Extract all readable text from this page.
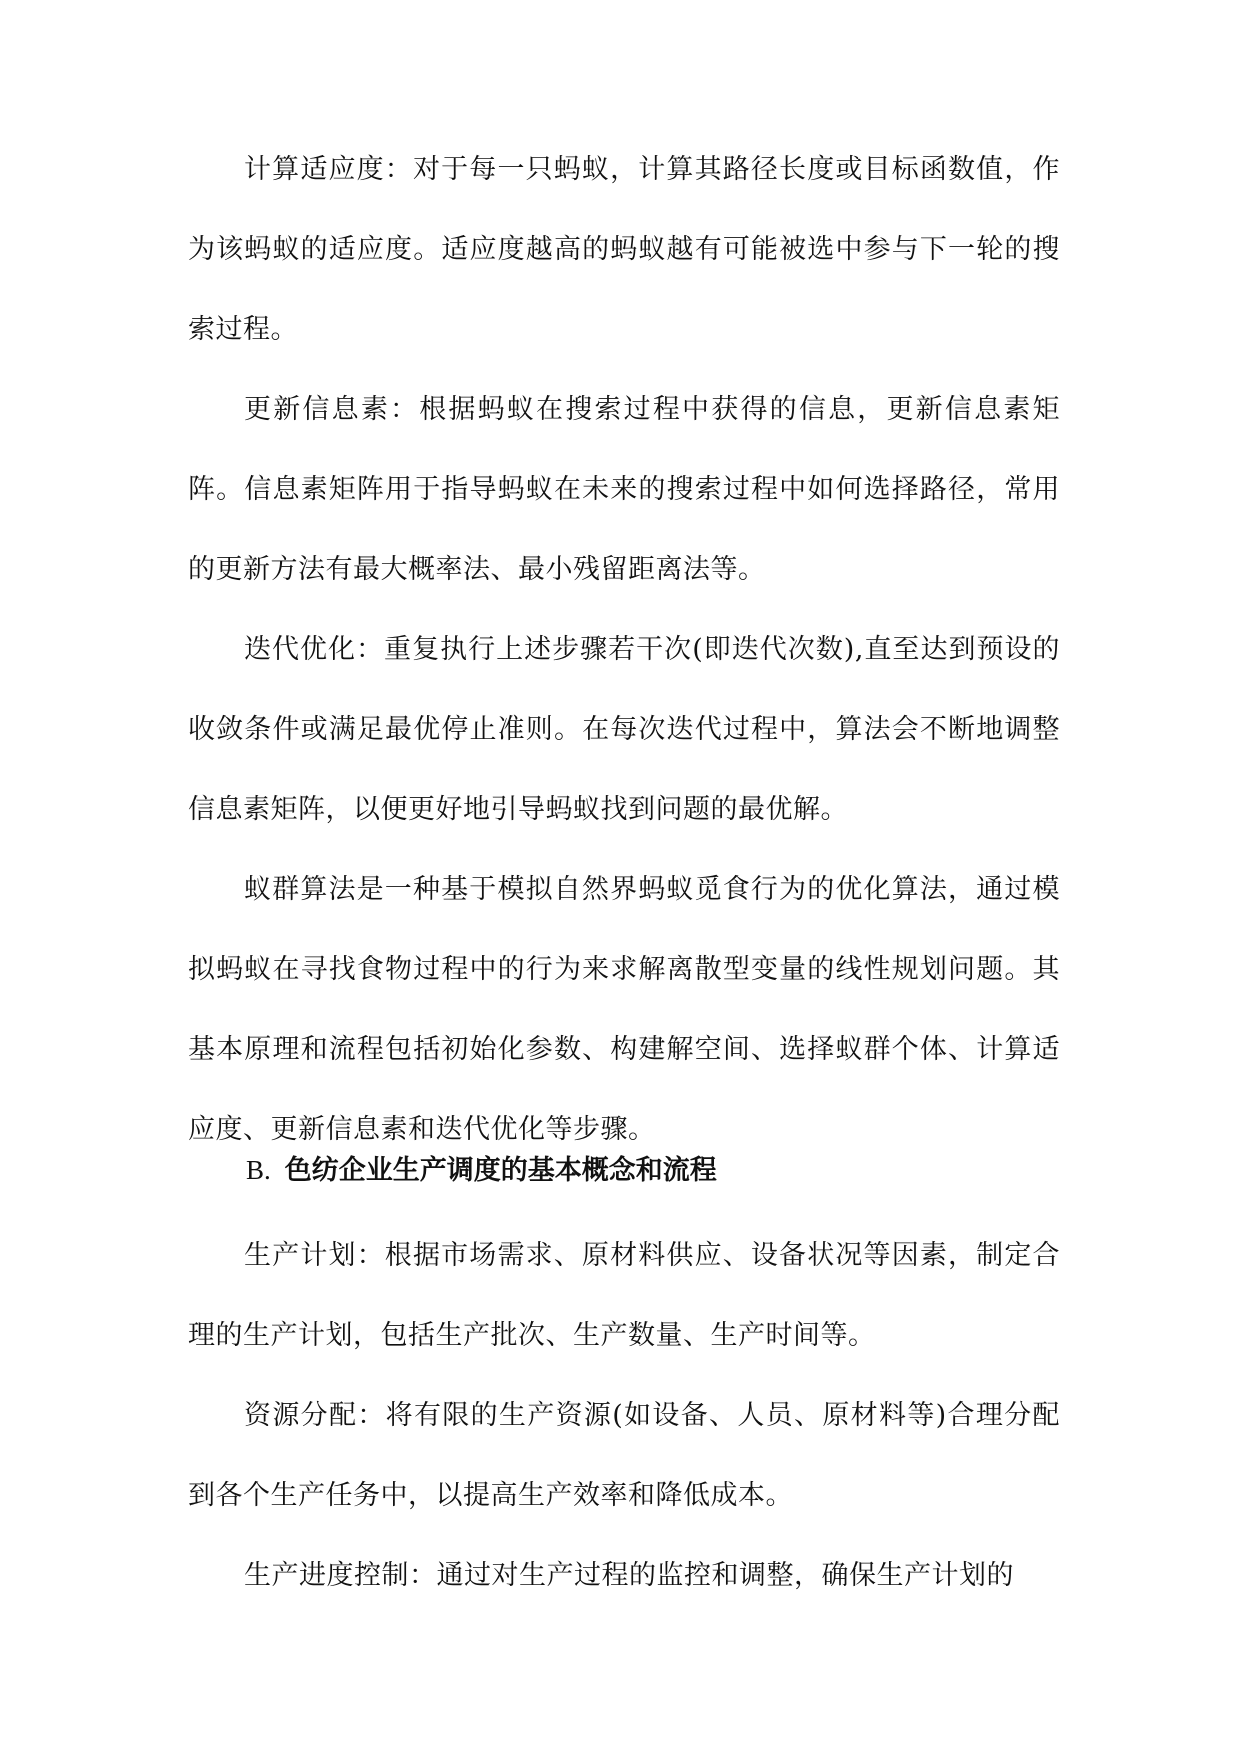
计算适应度：对于每一只蚂蚁，计算其路径长度或目标函数值，作为该蚂蚁的适应度。适应度越高的蚂蚁越有可能被选中参与下一轮的搜索过程。

更新信息素：根据蚂蚁在搜索过程中获得的信息，更新信息素矩阵。信息素矩阵用于指导蚂蚁在未来的搜索过程中如何选择路径，常用的更新方法有最大概率法、最小残留距离法等。

迭代优化：重复执行上述步骤若干次(即迭代次数),直至达到预设的收敛条件或满足最优停止准则。在每次迭代过程中，算法会不断地调整信息素矩阵，以便更好地引导蚂蚁找到问题的最优解。

蚁群算法是一种基于模拟自然界蚂蚁觅食行为的优化算法，通过模拟蚂蚁在寻找食物过程中的行为来求解离散型变量的线性规划问题。其基本原理和流程包括初始化参数、构建解空间、选择蚁群个体、计算适应度、更新信息素和迭代优化等步骤。

B. 色纺企业生产调度的基本概念和流程

生产计划：根据市场需求、原材料供应、设备状况等因素，制定合理的生产计划，包括生产批次、生产数量、生产时间等。

资源分配：将有限的生产资源(如设备、人员、原材料等)合理分配到各个生产任务中，以提高生产效率和降低成本。

生产进度控制：通过对生产过程的监控和调整，确保生产计划的
